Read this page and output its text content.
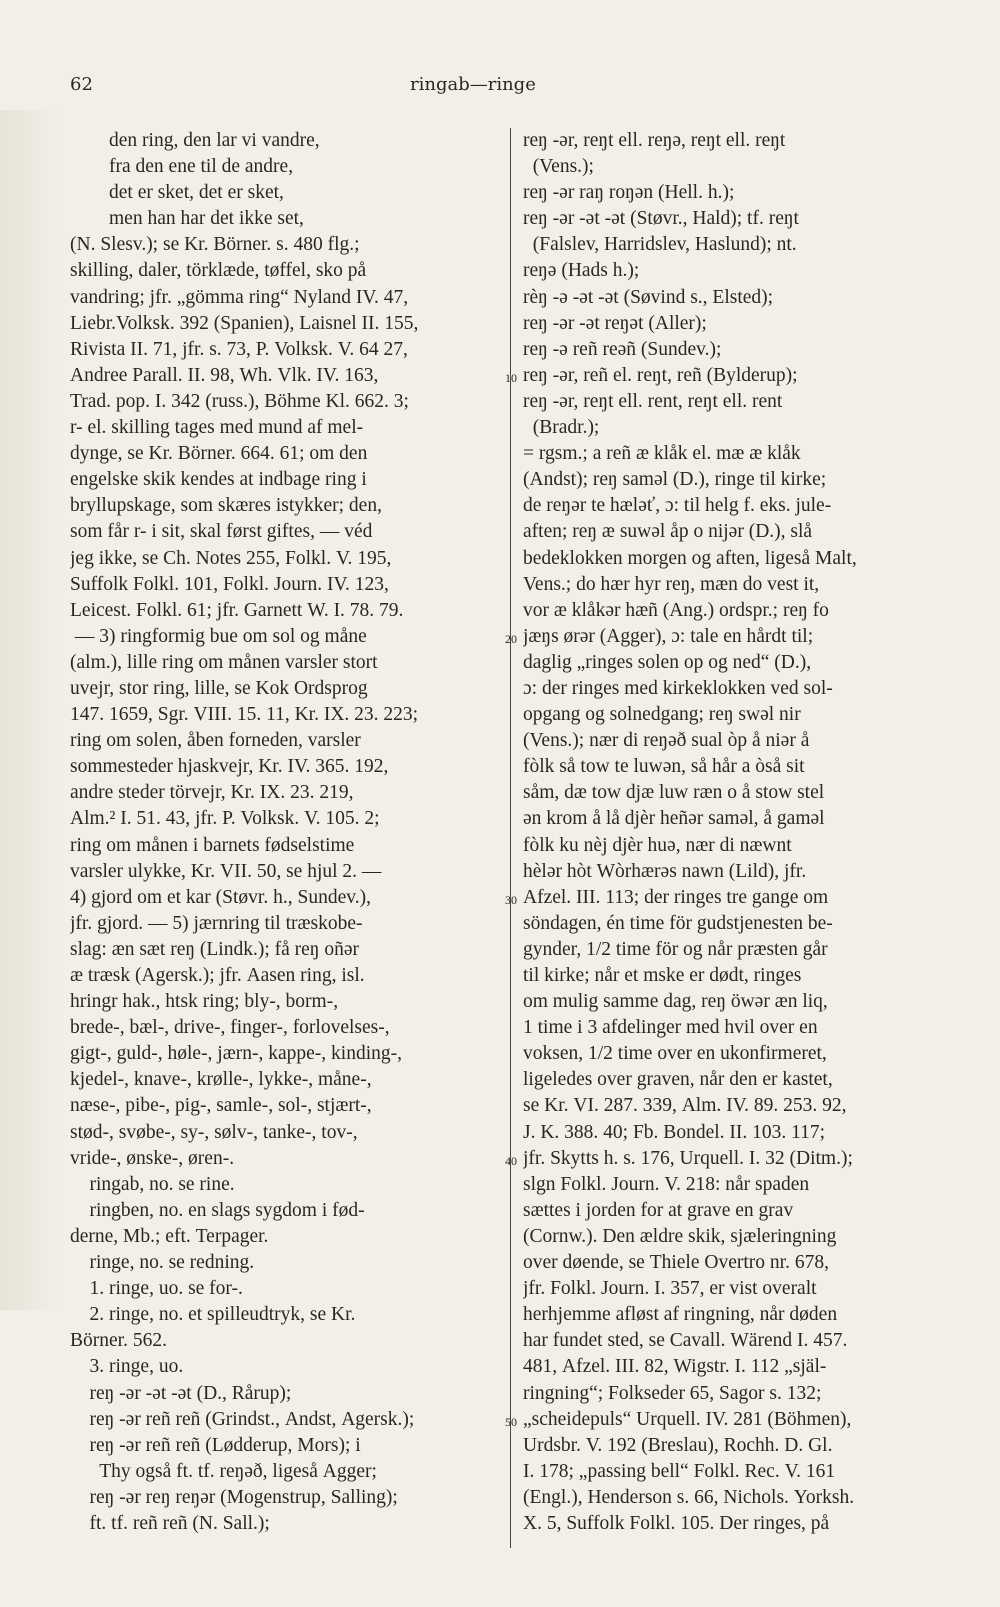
62	ringab—ringe
den ring, den lar vi vandre,
fra den ene til de andre,
det er sket, det er sket,
men han har det ikke set,
(N. Slesv.); se Kr. Börner. s. 480 flg.;
skilling, daler, törklæde, tøffel, sko på
vandring; jfr. „gömma ring“ Nyland IV. 47,
Liebr.Volksk. 392 (Spanien), Laisnel II. 155,
Rivista II. 71, jfr. s. 73, P. Volksk. V. 64 27,
Andree Parall. II. 98, Wh. Vlk. IV. 163,
Trad. pop. I. 342 (russ.), Böhme Kl. 662. 3;
r- el. skilling tages med mund af mel-
dynge, se Kr. Börner. 664. 61; om den
engelske skik kendes at indbage ring i
bryllupskage, som skæres istykker; den,
som får r- i sit, skal først giftes, — véd
jeg ikke, se Ch. Notes 255, Folkl. V. 195,
Suffolk Folkl. 101, Folkl. Journ. IV. 123,
Leicest. Folkl. 61; jfr. Garnett W. I. 78. 79.
— 3) ringformig bue om sol og måne
(alm.), lille ring om månen varsler stort
uvejr, stor ring, lille, se Kok Ordsprog
147. 1659, Sgr. VIII. 15. 11, Kr. IX. 23. 223;
ring om solen, åben forneden, varsler
sommesteder hjaskvejr, Kr. IV. 365. 192,
andre steder törvejr, Kr. IX. 23. 219,
Alm.² I. 51. 43, jfr. P. Volksk. V. 105. 2;
ring om månen i barnets fødselstime
varsler ulykke, Kr. VII. 50, se hjul 2. —
4) gjord om et kar (Støvr. h., Sundev.),
jfr. gjord. — 5) jærnring til træskobe-
slag: æn sæt reŋ (Lindk.); få reŋ oñər
æ træsk (Agersk.); jfr. Aasen ring, isl.
hringr hak., htsk ring; bly-, borm-,
brede-, bæl-, drive-, finger-, forlovelses-,
gigt-, guld-, høle-, jærn-, kappe-, kinding-,
kjedel-, knave-, krølle-, lykke-, måne-,
næse-, pibe-, pig-, samle-, sol-, stjært-,
stød-, svøbe-, sy-, sølv-, tanke-, tov-,
vride-, ønske-, øren-.
ringab, no. se rine.
ringben, no. en slags sygdom i fød-
derne, Mb.; eft. Terpager.
ringe, no. se redning.
1. ringe, uo. se for-.
2. ringe, no. et spilleudtryk, se Kr.
Börner. 562.
3. ringe, uo.
reŋ -ər -ət -ət (D., Rårup);
reŋ -ər reñ reñ (Grindst., Andst, Agersk.);
reŋ -ər reñ reñ (Lødderup, Mors); i
Thy også ft. tf. reŋəð, ligeså Agger;
reŋ -ər reŋ reŋər (Mogenstrup, Salling);
ft. tf. reñ reñ (N. Sall.);
reŋ -ər, reŋt ell. reŋə, reŋt ell. reŋt
(Vens.);
reŋ -ər raŋ roŋən (Hell. h.);
reŋ -ər -ət -ət (Støvr., Hald); tf. reŋt
(Falslev, Harridslev, Haslund); nt.
reŋə (Hads h.);
rèŋ -ə -ət -ət (Søvind s., Elsted);
reŋ -ər -ət reŋət (Aller);
reŋ -ə reñ reəñ (Sundev.);
reŋ -ər, reñ el. reŋt, reñ (Bylderup);
reŋ -ər, reŋt ell. rent, reŋt ell. rent
(Bradr.);
= rgsm.; a reñ æ klåk el. mæ æ klåk
(Andst); reŋ saməl (D.), ringe til kirke;
de reŋər te hæləť, ɔ: til helg f. eks. jule-
aften; reŋ æ suwəl åp o nijər (D.), slå
bedeklokken morgen og aften, ligeså Malt,
Vens.; do hær hyr reŋ, mæn do vest it,
vor æ klåkər hæñ (Ang.) ordspr.; reŋ fo
jæŋs ørər (Agger), ɔ: tale en hårdt til;
daglig „ringes solen op og ned“ (D.),
ɔ: der ringes med kirkeklokken ved sol-
opgang og solnedgang; reŋ swəl nir
(Vens.); nær di reŋəð sual òp å niər å
fòlk så tow te luwən, så hår a òså sit
såm, dæ tow djæ luw ræn o å stow stel
ən krom å lå djèr heñər saməl, å gaməl
fòlk ku nèj djèr huə, nær di næwnt
hèlər hòt Wòrhærəs nawn (Lild), jfr.
Afzel. III. 113; der ringes tre gange om
söndagen, én time för gudstjenesten be-
gynder, 1/2 time för og når præsten går
til kirke; når et mske er dødt, ringes
om mulig samme dag, reŋ öwər æn liq,
1 time i 3 afdelinger med hvil over en
voksen, 1/2 time over en ukonfirmeret,
ligeledes over graven, når den er kastet,
se Kr. VI. 287. 339, Alm. IV. 89. 253. 92,
J. K. 388. 40; Fb. Bondel. II. 103. 117;
jfr. Skytts h. s. 176, Urquell. I. 32 (Ditm.);
slgn Folkl. Journ. V. 218: når spaden
sættes i jorden for at grave en grav
(Cornw.). Den ældre skik, sjæleringning
over døende, se Thiele Overtro nr. 678,
jfr. Folkl. Journ. I. 357, er vist overalt
herhjemme afløst af ringning, når døden
har fundet sted, se Cavall. Wärend I. 457.
481, Afzel. III. 82, Wigstr. I. 112 „själ-
ringning“; Folkseder 65, Sagor s. 132;
„scheidepuls“ Urquell. IV. 281 (Böhmen),
Urdsbr. V. 192 (Breslau), Rochh. D. Gl.
I. 178; „passing bell“ Folkl. Rec. V. 161
(Engl.), Henderson s. 66, Nichols. Yorksh.
X. 5, Suffolk Folkl. 105. Der ringes, på
10
20
30
40
50
